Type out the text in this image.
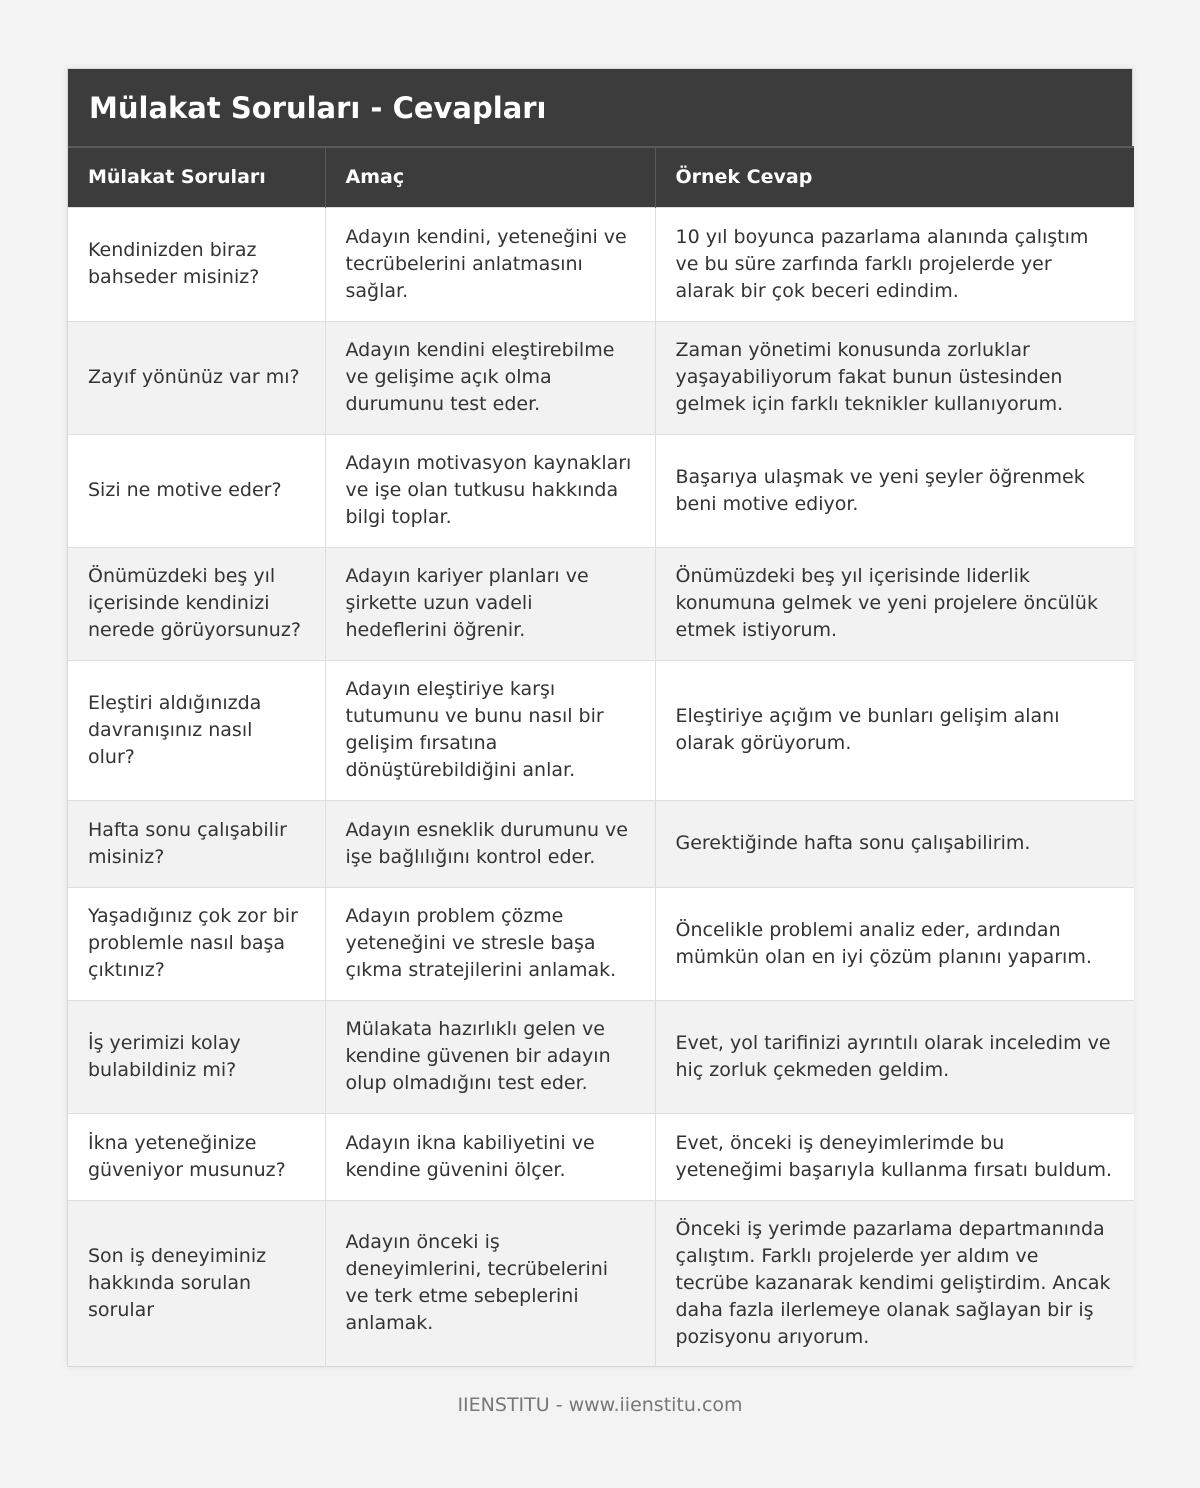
Mülakat Soruları - Cevapları
Mülakat Soruları	Amaç	Örnek Cevap
Kendinizden biraz bahseder misiniz?	Adayın kendini, yeteneğini ve tecrübelerini anlatmasını sağlar.	10 yıl boyunca pazarlama alanında çalıştım ve bu süre zarfında farklı projelerde yer alarak bir çok beceri edindim.
Zayıf yönünüz var mı?	Adayın kendini eleştirebilme ve gelişime açık olma durumunu test eder.	Zaman yönetimi konusunda zorluklar yaşayabiliyorum fakat bunun üstesinden gelmek için farklı teknikler kullanıyorum.
Sizi ne motive eder?	Adayın motivasyon kaynakları ve işe olan tutkusu hakkında bilgi toplar.	Başarıya ulaşmak ve yeni şeyler öğrenmek beni motive ediyor.
Önümüzdeki beş yıl içerisinde kendinizi nerede görüyorsunuz?	Adayın kariyer planları ve şirkette uzun vadeli hedeflerini öğrenir.	Önümüzdeki beş yıl içerisinde liderlik konumuna gelmek ve yeni projelere öncülük etmek istiyorum.
Eleştiri aldığınızda davranışınız nasıl olur?	Adayın eleştiriye karşı tutumunu ve bunu nasıl bir gelişim fırsatına dönüştürebildiğini anlar.	Eleştiriye açığım ve bunları gelişim alanı olarak görüyorum.
Hafta sonu çalışabilir misiniz?	Adayın esneklik durumunu ve işe bağlılığını kontrol eder.	Gerektiğinde hafta sonu çalışabilirim.
Yaşadığınız çok zor bir problemle nasıl başa çıktınız?	Adayın problem çözme yeteneğini ve stresle başa çıkma stratejilerini anlamak.	Öncelikle problemi analiz eder, ardından mümkün olan en iyi çözüm planını yaparım.
İş yerimizi kolay bulabildiniz mi?	Mülakata hazırlıklı gelen ve kendine güvenen bir adayın olup olmadığını test eder.	Evet, yol tarifinizi ayrıntılı olarak inceledim ve hiç zorluk çekmeden geldim.
İkna yeteneğinize güveniyor musunuz?	Adayın ikna kabiliyetini ve kendine güvenini ölçer.	Evet, önceki iş deneyimlerimde bu yeteneğimi başarıyla kullanma fırsatı buldum.
Son iş deneyiminiz hakkında sorulan sorular	Adayın önceki iş deneyimlerini, tecrübelerini ve terk etme sebeplerini anlamak.	Önceki iş yerimde pazarlama departmanında çalıştım. Farklı projelerde yer aldım ve tecrübe kazanarak kendimi geliştirdim. Ancak daha fazla ilerlemeye olanak sağlayan bir iş pozisyonu arıyorum.
IIENSTITU - www.iienstitu.com
